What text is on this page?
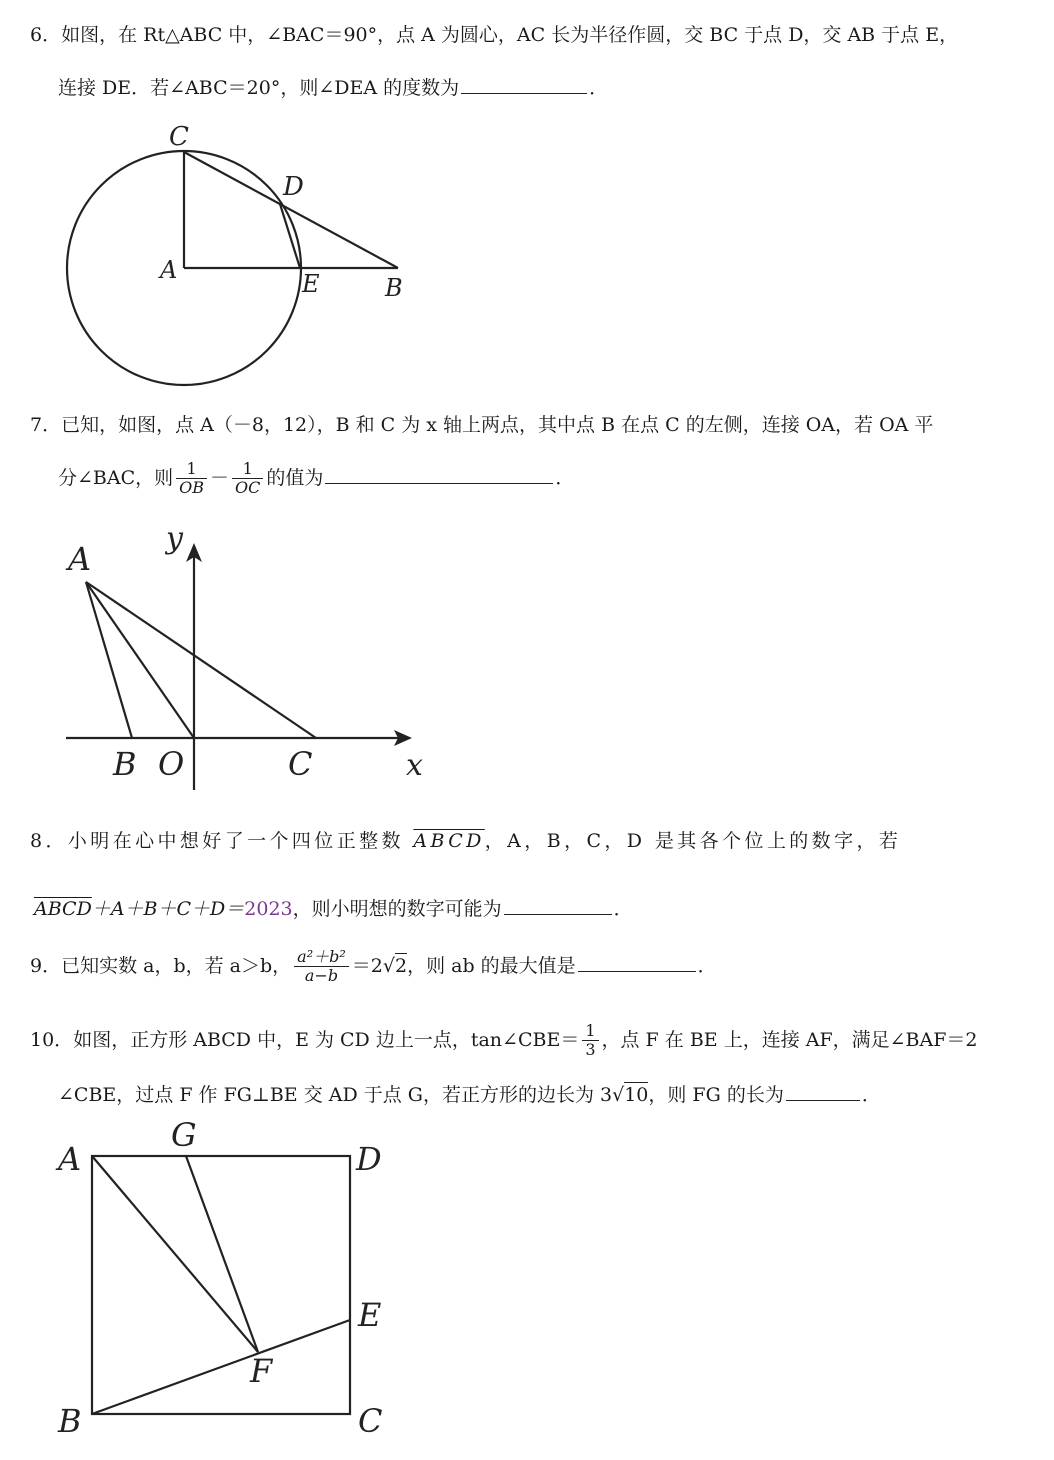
6．如图，在 Rt△ABC 中，∠BAC＝90°，点 A 为圆心，AC 长为半径作圆，交 BC 于点 D，交 AB 于点 E，
连接 DE．若∠ABC＝20°，则∠DEA 的度数为	．
C
D
A	E	B
y
A
B O	C	x
A
G
D
E
F
B	C
7．已知，如图，点 A（－8，12），B 和 C 为 x 轴上两点，其中点 B 在点 C 的左侧，连接 OA，若 OA 平
分∠BAC，则 $\frac{1}{OB} - \frac{1}{OC}$ 的值为	．
8．小明在心中想好了一个四位正整数 ABCD，A，B，C，D 是其各个位上的数字，若
ABCD＋A＋B＋C＋D＝2023，则小明想的数字可能为	．
9．已知实数 a，b，若 a＞b， $\frac{\text{a²＋b²}}{a-b} =2√2$，则 ab 的最大值是	．
10．如图，正方形 ABCD 中，E 为 CD 边上一点，tan∠CBE＝ $\frac{1}{3}$ ，点 F 在 BE 上，连接 AF，满足∠BAF＝2
∠CBE，过点 F 作 FG⊥BE 交 AD 于点 G，若正方形的边长为 3√10，则 FG 的长为	．
